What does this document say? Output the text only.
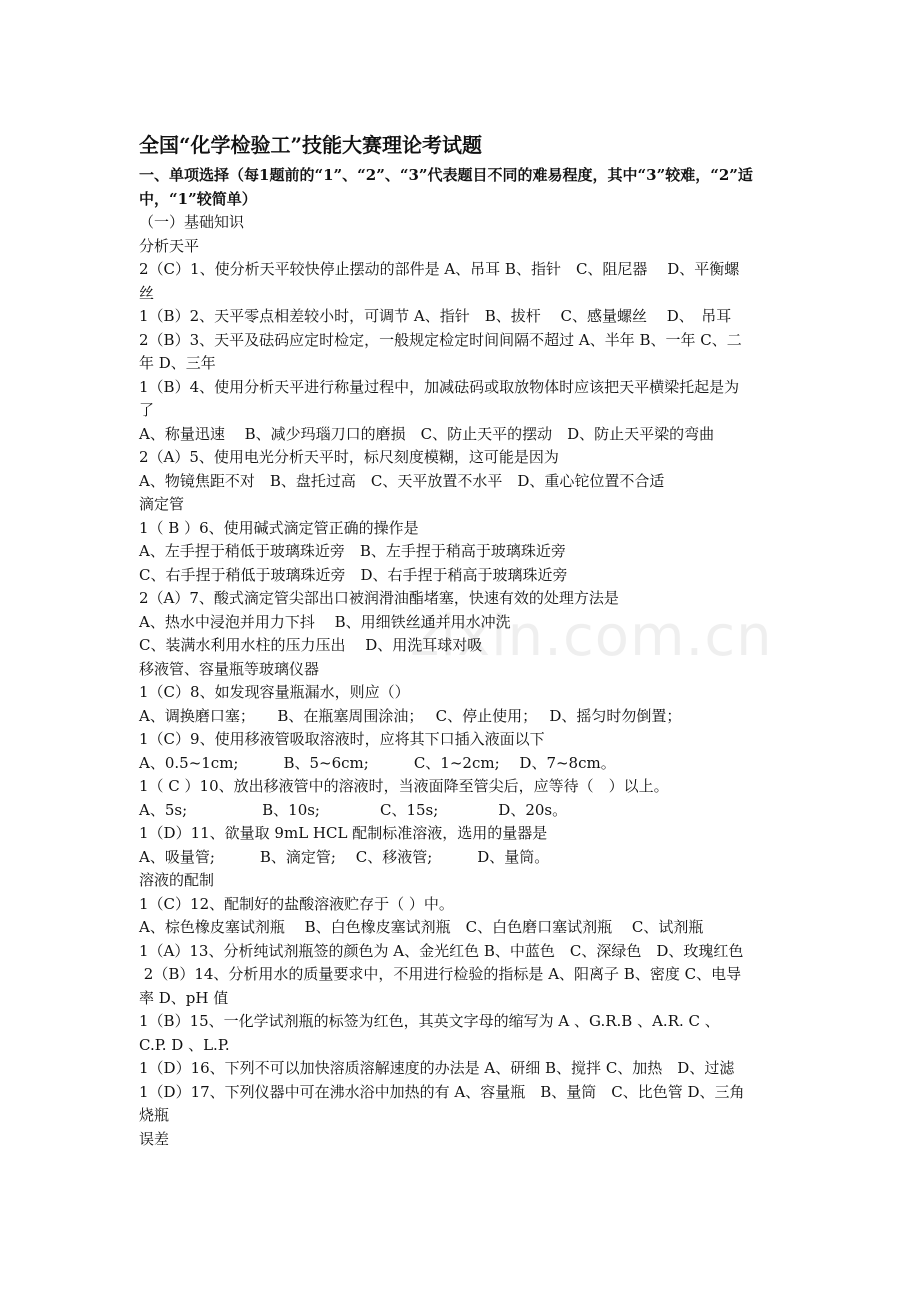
zixin.com.cn
全国“化学检验工”技能大赛理论考试题

一、单项选择（每1题前的“1”、“2”、“3”代表题目不同的难易程度，其中“3”较难，“2”适中，“1”较简单）

（一）基础知识

分析天平

2（C）1、使分析天平较快停止摆动的部件是 A、吊耳 B、指针　C、阻尼器　 D、平衡螺

丝

1（B）2、天平零点相差较小时，可调节 A、指针　B、拔杆　 C、感量螺丝　 D、　吊耳

2（B）3、天平及砝码应定时检定，一般规定检定时间间隔不超过 A、半年 B、一年 C、二

年 D、三年

1（B）4、使用分析天平进行称量过程中，加减砝码或取放物体时应该把天平横梁托起是为

了

A、称量迅速　 B、减少玛瑙刀口的磨损　C、防止天平的摆动　D、防止天平梁的弯曲

2（A）5、使用电光分析天平时，标尺刻度模糊，这可能是因为

A、物镜焦距不对　B、盘托过高　C、天平放置不水平　D、重心铊位置不合适

滴定管

1（ B ）6、使用碱式滴定管正确的操作是

A、左手捏于稍低于玻璃珠近旁　B、左手捏于稍高于玻璃珠近旁

C、右手捏于稍低于玻璃珠近旁　D、右手捏于稍高于玻璃珠近旁

2（A）7、酸式滴定管尖部出口被润滑油酯堵塞，快速有效的处理方法是

A、热水中浸泡并用力下抖　 B、用细铁丝通并用水冲洗

C、装满水利用水柱的压力压出　 D、用洗耳球对吸

移液管、容量瓶等玻璃仪器

1（C）8、如发现容量瓶漏水，则应（）

A、调换磨口塞；　　B、在瓶塞周围涂油；　 C、停止使用；　 D、摇匀时勿倒置；

1（C）9、使用移液管吸取溶液时，应将其下口插入液面以下

A、0.5~1cm;　　　B、5~6cm;　　　C、1~2cm;　 D、7~8cm。

1（ C ）10、放出移液管中的溶液时，当液面降至管尖后，应等待（　）以上。

A、5s;　　　　　B、10s;　　　　C、15s;　　　　D、20s。

1（D）11、欲量取 9mL HCL 配制标准溶液，选用的量器是

A、吸量管;　　　B、滴定管;　 C、移液管;　　　D、量筒。

溶液的配制

1（C）12、配制好的盐酸溶液贮存于（ ）中。

A、棕色橡皮塞试剂瓶　 B、白色橡皮塞试剂瓶　C、白色磨口塞试剂瓶　 C、试剂瓶

1（A）13、分析纯试剂瓶签的颜色为 A、金光红色 B、中蓝色　C、深绿色　D、玫瑰红色

2（B）14、分析用水的质量要求中，不用进行检验的指标是 A、阳离子 B、密度 C、电导

率 D、pH 值

1（B）15、一化学试剂瓶的标签为红色，其英文字母的缩写为 A 、G.R.B 、A.R. C 、

C.P. D 、L.P.

1（D）16、下列不可以加快溶质溶解速度的办法是 A、研细 B、搅拌 C、加热　D、过滤

1（D）17、下列仪器中可在沸水浴中加热的有 A、容量瓶　B、量筒　C、比色管 D、三角

烧瓶

误差
